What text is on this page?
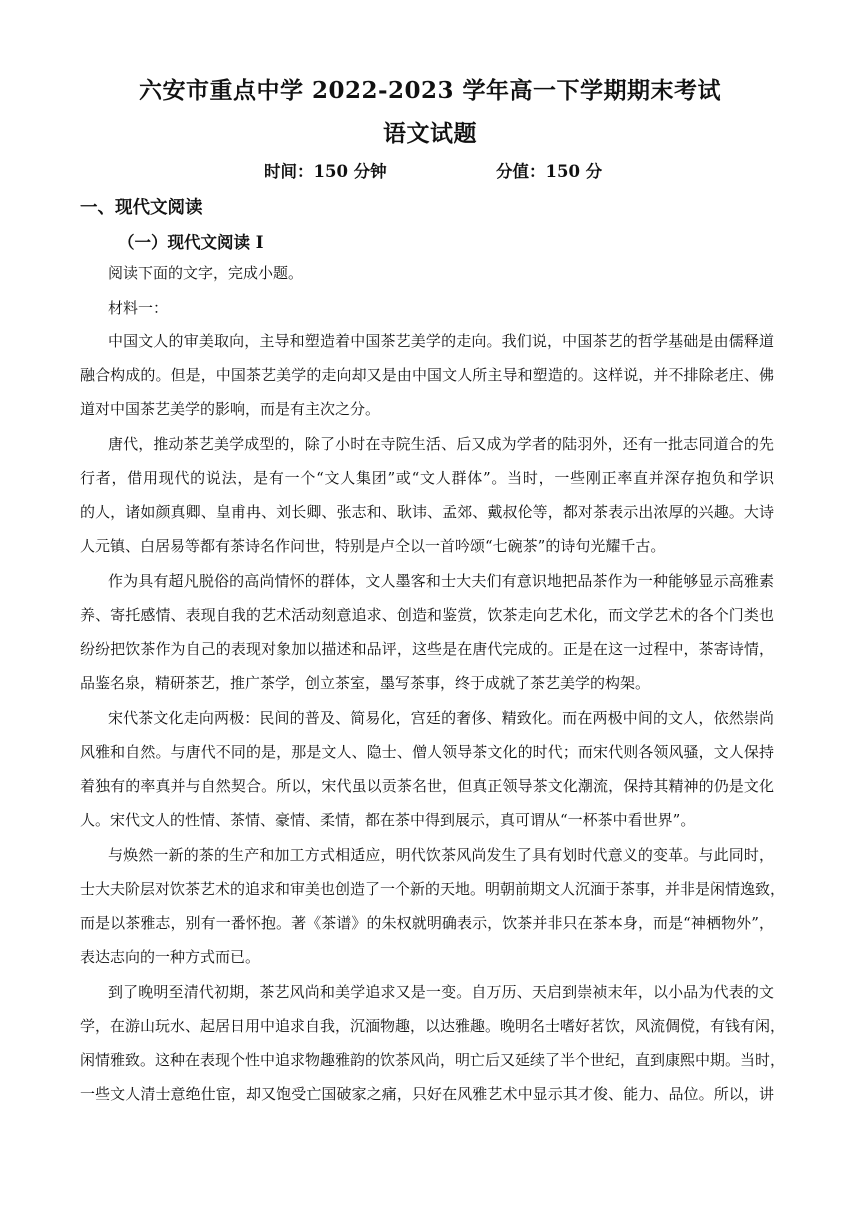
六安市重点中学 2022-2023 学年高一下学期期末考试
语文试题
时间：150 分钟	分值：150 分
一、现代文阅读
（一）现代文阅读 I
阅读下面的文字，完成小题。
材料一：
中国文人的审美取向，主导和塑造着中国茶艺美学的走向。我们说，中国茶艺的哲学基础是由儒释道
融合构成的。但是，中国茶艺美学的走向却又是由中国文人所主导和塑造的。这样说，并不排除老庄、佛
道对中国茶艺美学的影响，而是有主次之分。
唐代，推动茶艺美学成型的，除了小时在寺院生活、后又成为学者的陆羽外，还有一批志同道合的先
行者，借用现代的说法，是有一个“文人集团”或“文人群体”。当时，一些刚正率直并深存抱负和学识
的人，诸如颜真卿、皇甫冉、刘长卿、张志和、耿讳、孟郊、戴叔伦等，都对茶表示出浓厚的兴趣。大诗
人元镇、白居易等都有茶诗名作问世，特别是卢仝以一首吟颂“七碗茶”的诗句光耀千古。
作为具有超凡脱俗的高尚情怀的群体，文人墨客和士大夫们有意识地把品茶作为一种能够显示高雅素
养、寄托感情、表现自我的艺术活动刻意追求、创造和鉴赏，饮茶走向艺术化，而文学艺术的各个门类也
纷纷把饮茶作为自己的表现对象加以描述和品评，这些是在唐代完成的。正是在这一过程中，茶寄诗情，
品鉴名泉，精研茶艺，推广茶学，创立茶室，墨写茶事，终于成就了茶艺美学的构架。
宋代茶文化走向两极：民间的普及、简易化，宫廷的奢侈、精致化。而在两极中间的文人，依然崇尚
风雅和自然。与唐代不同的是，那是文人、隐士、僧人领导茶文化的时代；而宋代则各领风骚，文人保持
着独有的率真并与自然契合。所以，宋代虽以贡茶名世，但真正领导茶文化潮流，保持其精神的仍是文化
人。宋代文人的性情、茶情、豪情、柔情，都在茶中得到展示，真可谓从“一杯茶中看世界”。
与焕然一新的茶的生产和加工方式相适应，明代饮茶风尚发生了具有划时代意义的变革。与此同时，
士大夫阶层对饮茶艺术的追求和审美也创造了一个新的天地。明朝前期文人沉湎于茶事，并非是闲情逸致，
而是以茶雅志，别有一番怀抱。著《茶谱》的朱权就明确表示，饮茶并非只在茶本身，而是“神栖物外”，
表达志向的一种方式而已。
到了晚明至清代初期，茶艺风尚和美学追求又是一变。自万历、天启到崇祯末年，以小品为代表的文
学，在游山玩水、起居日用中追求自我，沉湎物趣，以达雅趣。晚明名士嗜好茗饮，风流倜傥，有钱有闲，
闲情雅致。这种在表现个性中追求物趣雅韵的饮茶风尚，明亡后又延续了半个世纪，直到康熙中期。当时，
一些文人清士意绝仕宦，却又饱受亡国破家之痛，只好在风雅艺术中显示其才俊、能力、品位。所以，讲
